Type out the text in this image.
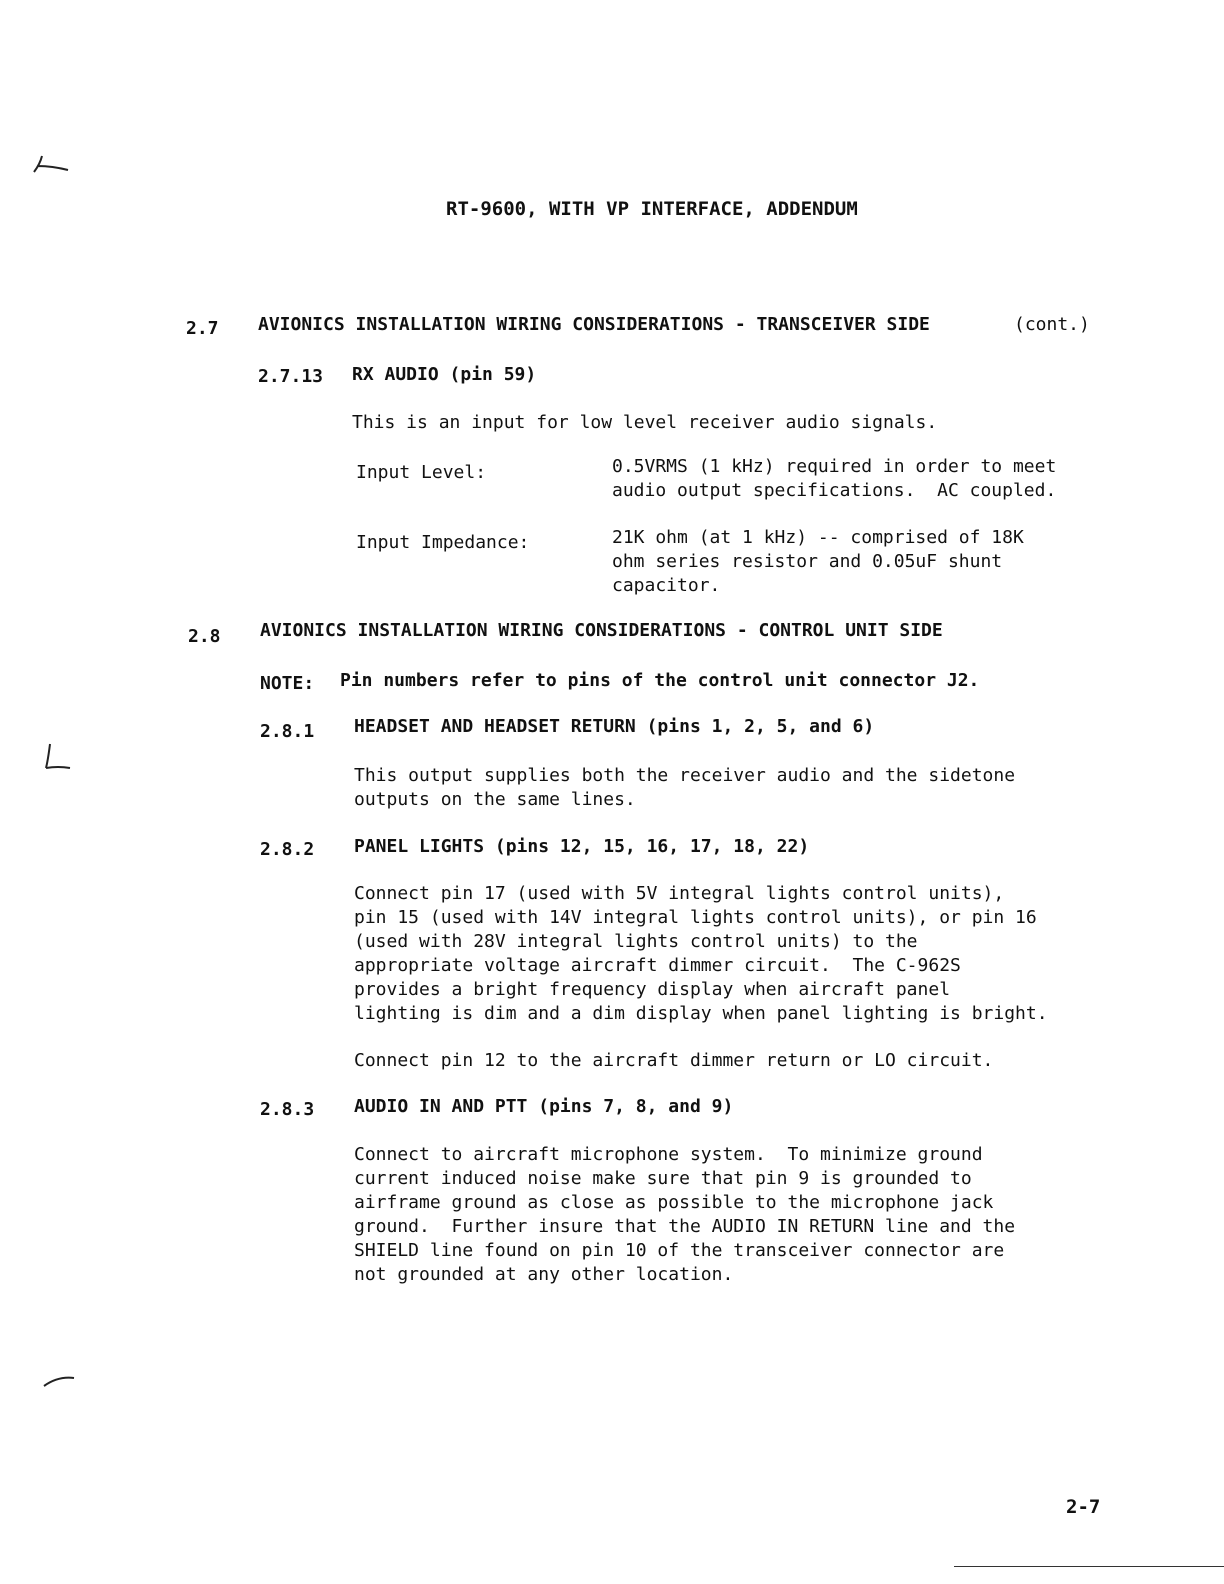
RT-9600, WITH VP INTERFACE, ADDENDUM
2.7 AVIONICS INSTALLATION WIRING CONSIDERATIONS - TRANSCEIVER SIDE	(cont.)
2.7.13 RX AUDIO (pin 59)
This is an input for low level receiver audio signals.
Input Level:	0.5VRMS (1 kHz) required in order to meet
audio output specifications.  AC coupled.
Input Impedance:	21K ohm (at 1 kHz) -- comprised of 18K
ohm series resistor and 0.05uF shunt
capacitor.
2.8 AVIONICS INSTALLATION WIRING CONSIDERATIONS - CONTROL UNIT SIDE
NOTE: Pin numbers refer to pins of the control unit connector J2.
2.8.1 HEADSET AND HEADSET RETURN (pins 1, 2, 5, and 6)
This output supplies both the receiver audio and the sidetone
outputs on the same lines.
2.8.2 PANEL LIGHTS (pins 12, 15, 16, 17, 18, 22)
Connect pin 17 (used with 5V integral lights control units),
pin 15 (used with 14V integral lights control units), or pin 16
(used with 28V integral lights control units) to the
appropriate voltage aircraft dimmer circuit.  The C-962S
provides a bright frequency display when aircraft panel
lighting is dim and a dim display when panel lighting is bright.
Connect pin 12 to the aircraft dimmer return or LO circuit.
2.8.3 AUDIO IN AND PTT (pins 7, 8, and 9)
Connect to aircraft microphone system.  To minimize ground
current induced noise make sure that pin 9 is grounded to
airframe ground as close as possible to the microphone jack
ground.  Further insure that the AUDIO IN RETURN line and the
SHIELD line found on pin 10 of the transceiver connector are
not grounded at any other location.
2-7
